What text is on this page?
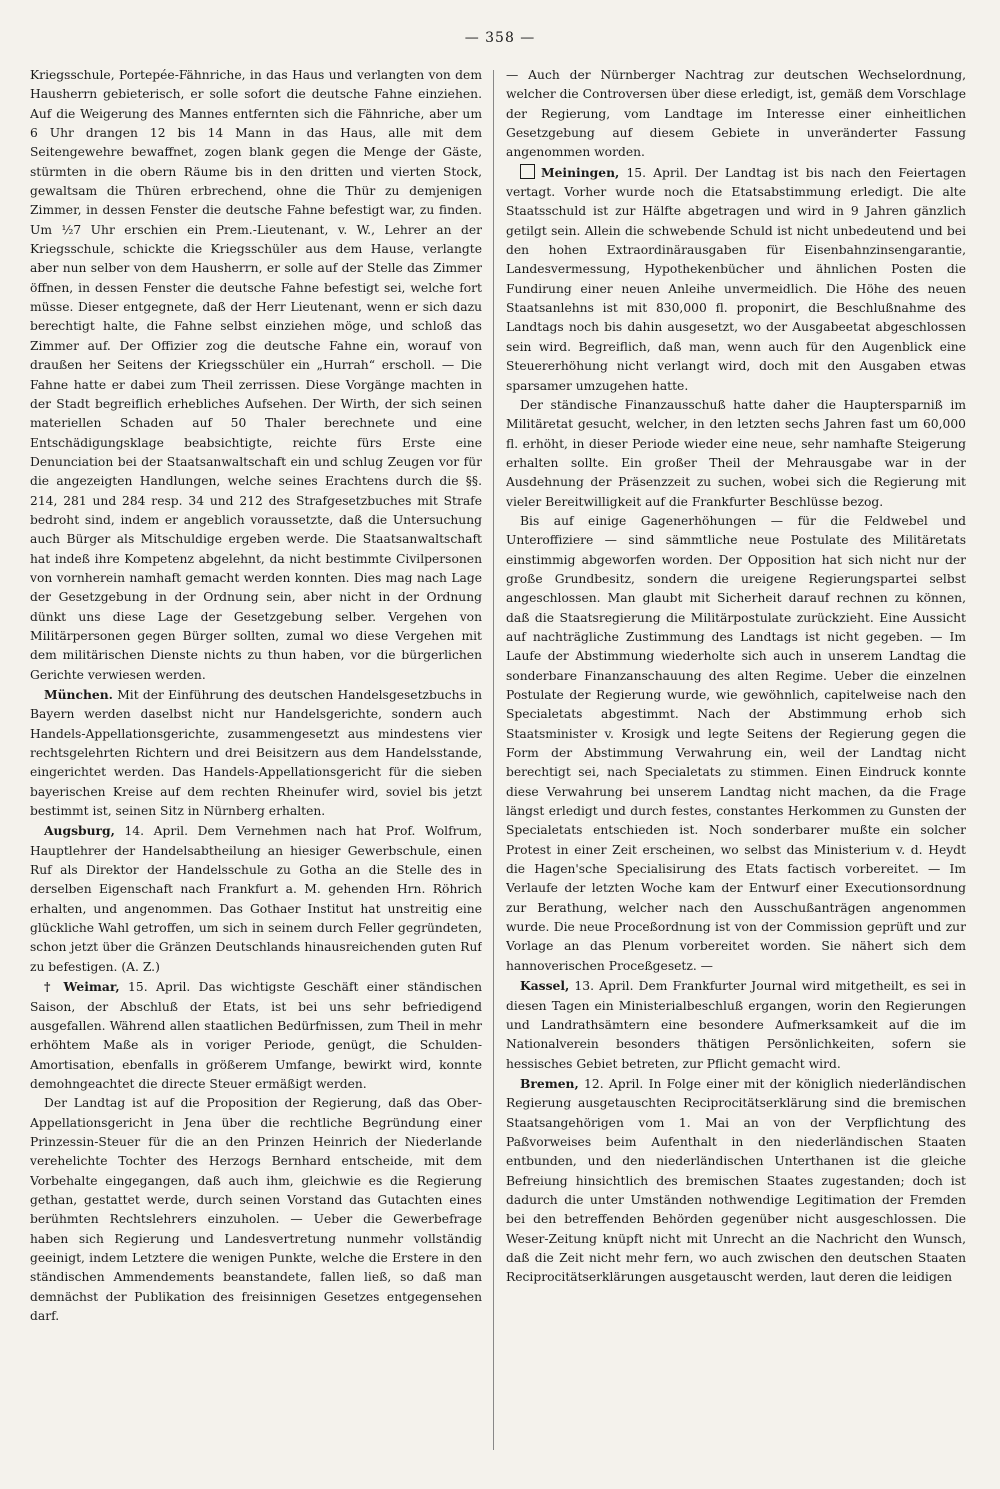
— 358 —

Kriegsschule, Portepée-Fähnriche, in das Haus und verlangten von dem Hausherrn gebieterisch, er solle sofort die deutsche Fahne einziehen. Auf die Weigerung des Mannes entfernten sich die Fähnriche, aber um 6 Uhr drangen 12 bis 14 Mann in das Haus, alle mit dem Seitengewehre bewaffnet, zogen blank gegen die Menge der Gäste, stürmten in die obern Räume bis in den dritten und vierten Stock, gewaltsam die Thüren erbrechend, ohne die Thür zu demjenigen Zimmer, in dessen Fenster die deutsche Fahne befestigt war, zu finden. Um ½7 Uhr erschien ein Prem.-Lieutenant, v. W., Lehrer an der Kriegsschule, schickte die Kriegsschüler aus dem Hause, verlangte aber nun selber von dem Hausherrn, er solle auf der Stelle das Zimmer öffnen, in dessen Fenster die deutsche Fahne befestigt sei, welche fort müsse. Dieser entgegnete, daß der Herr Lieutenant, wenn er sich dazu berechtigt halte, die Fahne selbst einziehen möge, und schloß das Zimmer auf. Der Offizier zog die deutsche Fahne ein, worauf von draußen her Seitens der Kriegsschüler ein „Hurrah“ erscholl. — Die Fahne hatte er dabei zum Theil zerrissen. Diese Vorgänge machten in der Stadt begreiflich erhebliches Aufsehen. Der Wirth, der sich seinen materiellen Schaden auf 50 Thaler berechnete und eine Entschädigungsklage beabsichtigte, reichte fürs Erste eine Denunciation bei der Staatsanwaltschaft ein und schlug Zeugen vor für die angezeigten Handlungen, welche seines Erachtens durch die §§. 214, 281 und 284 resp. 34 und 212 des Strafgesetzbuches mit Strafe bedroht sind, indem er angeblich voraussetzte, daß die Untersuchung auch Bürger als Mitschuldige ergeben werde. Die Staatsanwaltschaft hat indeß ihre Kompetenz abgelehnt, da nicht bestimmte Civilpersonen von vornherein namhaft gemacht werden konnten. Dies mag nach Lage der Gesetzgebung in der Ordnung sein, aber nicht in der Ordnung dünkt uns diese Lage der Gesetzgebung selber. Vergehen von Militärpersonen gegen Bürger sollten, zumal wo diese Vergehen mit dem militärischen Dienste nichts zu thun haben, vor die bürgerlichen Gerichte verwiesen werden.

München. Mit der Einführung des deutschen Handelsgesetzbuchs in Bayern werden daselbst nicht nur Handelsgerichte, sondern auch Handels-Appellationsgerichte, zusammengesetzt aus mindestens vier rechtsgelehrten Richtern und drei Beisitzern aus dem Handelsstande, eingerichtet werden. Das Handels-Appellationsgericht für die sieben bayerischen Kreise auf dem rechten Rheinufer wird, soviel bis jetzt bestimmt ist, seinen Sitz in Nürnberg erhalten.

Augsburg, 14. April. Dem Vernehmen nach hat Prof. Wolfrum, Hauptlehrer der Handelsabtheilung an hiesiger Gewerbschule, einen Ruf als Direktor der Handelsschule zu Gotha an die Stelle des in derselben Eigenschaft nach Frankfurt a. M. gehenden Hrn. Röhrich erhalten, und angenommen. Das Gothaer Institut hat unstreitig eine glückliche Wahl getroffen, um sich in seinem durch Feller gegründeten, schon jetzt über die Gränzen Deutschlands hinausreichenden guten Ruf zu befestigen. (A. Z.)

† Weimar, 15. April. Das wichtigste Geschäft einer ständischen Saison, der Abschluß der Etats, ist bei uns sehr befriedigend ausgefallen. Während allen staatlichen Bedürfnissen, zum Theil in mehr erhöhtem Maße als in voriger Periode, genügt, die Schulden-Amortisation, ebenfalls in größerem Umfange, bewirkt wird, konnte demohngeachtet die directe Steuer ermäßigt werden.

Der Landtag ist auf die Proposition der Regierung, daß das Ober-Appellationsgericht in Jena über die rechtliche Begründung einer Prinzessin-Steuer für die an den Prinzen Heinrich der Niederlande verehelichte Tochter des Herzogs Bernhard entscheide, mit dem Vorbehalte eingegangen, daß auch ihm, gleichwie es die Regierung gethan, gestattet werde, durch seinen Vorstand das Gutachten eines berühmten Rechtslehrers einzuholen. — Ueber die Gewerbefrage haben sich Regierung und Landesvertretung nunmehr vollständig geeinigt, indem Letztere die wenigen Punkte, welche die Erstere in den ständischen Ammendements beanstandete, fallen ließ, so daß man demnächst der Publikation des freisinnigen Gesetzes entgegensehen darf.

— Auch der Nürnberger Nachtrag zur deutschen Wechselordnung, welcher die Controversen über diese erledigt, ist, gemäß dem Vorschlage der Regierung, vom Landtage im Interesse einer einheitlichen Gesetzgebung auf diesem Gebiete in unveränderter Fassung angenommen worden.

Meiningen, 15. April. Der Landtag ist bis nach den Feiertagen vertagt. Vorher wurde noch die Etatsabstimmung erledigt. Die alte Staatsschuld ist zur Hälfte abgetragen und wird in 9 Jahren gänzlich getilgt sein. Allein die schwebende Schuld ist nicht unbedeutend und bei den hohen Extraordinärausgaben für Eisenbahnzinsengarantie, Landesvermessung, Hypothekenbücher und ähnlichen Posten die Fundirung einer neuen Anleihe unvermeidlich. Die Höhe des neuen Staatsanlehns ist mit 830,000 fl. proponirt, die Beschlußnahme des Landtags noch bis dahin ausgesetzt, wo der Ausgabeetat abgeschlossen sein wird. Begreiflich, daß man, wenn auch für den Augenblick eine Steuererhöhung nicht verlangt wird, doch mit den Ausgaben etwas sparsamer umzugehen hatte.

Der ständische Finanzausschuß hatte daher die Hauptersparniß im Militäretat gesucht, welcher, in den letzten sechs Jahren fast um 60,000 fl. erhöht, in dieser Periode wieder eine neue, sehr namhafte Steigerung erhalten sollte. Ein großer Theil der Mehrausgabe war in der Ausdehnung der Präsenzzeit zu suchen, wobei sich die Regierung mit vieler Bereitwilligkeit auf die Frankfurter Beschlüsse bezog.

Bis auf einige Gagenerhöhungen — für die Feldwebel und Unteroffiziere — sind sämmtliche neue Postulate des Militäretats einstimmig abgeworfen worden. Der Opposition hat sich nicht nur der große Grundbesitz, sondern die ureigene Regierungspartei selbst angeschlossen. Man glaubt mit Sicherheit darauf rechnen zu können, daß die Staatsregierung die Militärpostulate zurückzieht. Eine Aussicht auf nachträgliche Zustimmung des Landtags ist nicht gegeben. — Im Laufe der Abstimmung wiederholte sich auch in unserem Landtag die sonderbare Finanzanschauung des alten Regime. Ueber die einzelnen Postulate der Regierung wurde, wie gewöhnlich, capitelweise nach den Specialetats abgestimmt. Nach der Abstimmung erhob sich Staatsminister v. Krosigk und legte Seitens der Regierung gegen die Form der Abstimmung Verwahrung ein, weil der Landtag nicht berechtigt sei, nach Specialetats zu stimmen. Einen Eindruck konnte diese Verwahrung bei unserem Landtag nicht machen, da die Frage längst erledigt und durch festes, constantes Herkommen zu Gunsten der Specialetats entschieden ist. Noch sonderbarer mußte ein solcher Protest in einer Zeit erscheinen, wo selbst das Ministerium v. d. Heydt die Hagen'sche Specialisirung des Etats factisch vorbereitet. — Im Verlaufe der letzten Woche kam der Entwurf einer Executionsordnung zur Berathung, welcher nach den Ausschußanträgen angenommen wurde. Die neue Proceßordnung ist von der Commission geprüft und zur Vorlage an das Plenum vorbereitet worden. Sie nähert sich dem hannoverischen Proceßgesetz. —

Kassel, 13. April. Dem Frankfurter Journal wird mitgetheilt, es sei in diesen Tagen ein Ministerialbeschluß ergangen, worin den Regierungen und Landrathsämtern eine besondere Aufmerksamkeit auf die im Nationalverein besonders thätigen Persönlichkeiten, sofern sie hessisches Gebiet betreten, zur Pflicht gemacht wird.

Bremen, 12. April. In Folge einer mit der königlich niederländischen Regierung ausgetauschten Reciprocitätserklärung sind die bremischen Staatsangehörigen vom 1. Mai an von der Verpflichtung des Paßvorweises beim Aufenthalt in den niederländischen Staaten entbunden, und den niederländischen Unterthanen ist die gleiche Befreiung hinsichtlich des bremischen Staates zugestanden; doch ist dadurch die unter Umständen nothwendige Legitimation der Fremden bei den betreffenden Behörden gegenüber nicht ausgeschlossen. Die Weser-Zeitung knüpft nicht mit Unrecht an die Nachricht den Wunsch, daß die Zeit nicht mehr fern, wo auch zwischen den deutschen Staaten Reciprocitätserklärungen ausgetauscht werden, laut deren die leidigen
